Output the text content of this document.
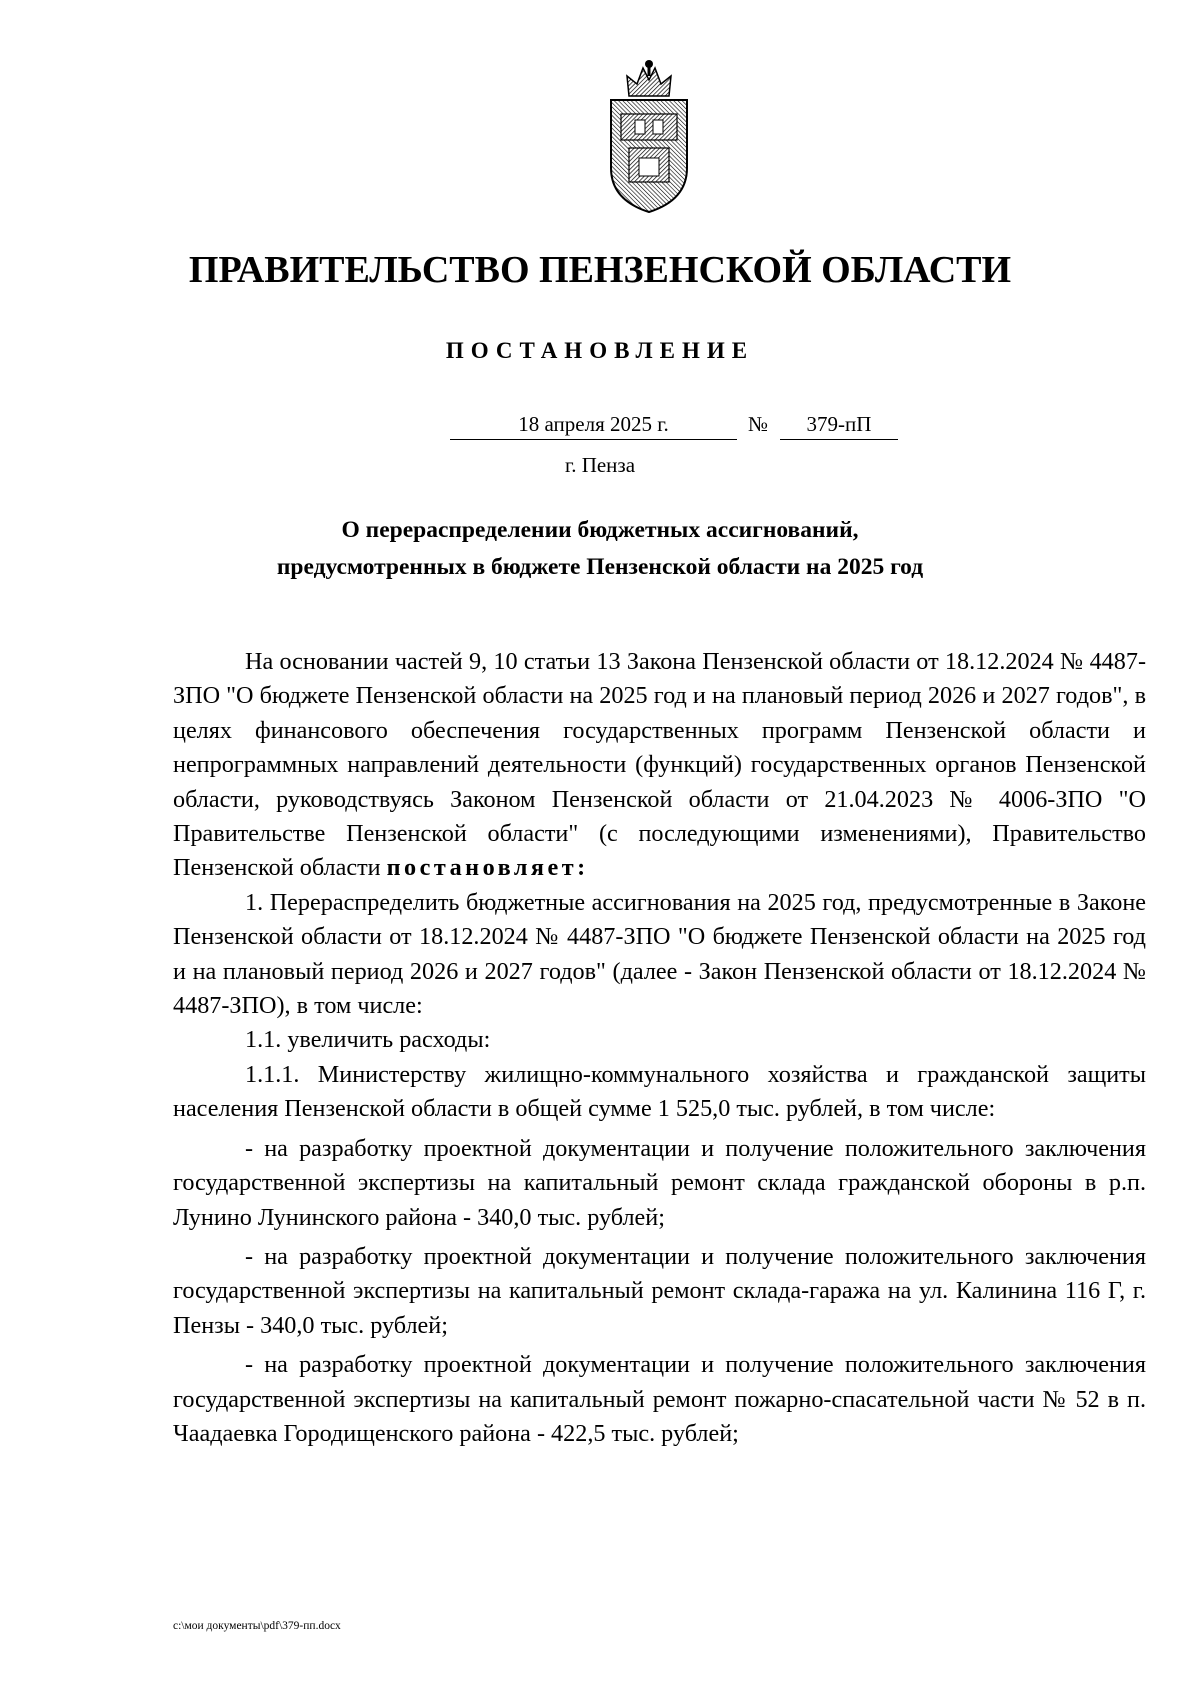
ПРАВИТЕЛЬСТВО ПЕНЗЕНСКОЙ ОБЛАСТИ
ПОСТАНОВЛЕНИЕ
18 апреля 2025 г.	№	379-пП
г. Пенза
О перераспределении бюджетных ассигнований,
предусмотренных в бюджете Пензенской области на 2025 год

На основании частей 9, 10 статьи 13 Закона Пензенской области от 18.12.2024 № 4487-ЗПО "О бюджете Пензенской области на 2025 год и на плановый период 2026 и 2027 годов", в целях финансового обеспечения государственных программ Пензенской области и непрограммных направлений деятельности (функций) государственных органов Пензенской области, руководствуясь Законом Пензенской области от 21.04.2023 № 4006-ЗПО "О Правительстве Пензенской области" (с последующими изменениями), Правительство Пензенской области постановляет:

1. Перераспределить бюджетные ассигнования на 2025 год, предусмотренные в Законе Пензенской области от 18.12.2024 № 4487-ЗПО "О бюджете Пензенской области на 2025 год и на плановый период 2026 и 2027 годов" (далее - Закон Пензенской области от 18.12.2024 № 4487-ЗПО), в том числе:

1.1. увеличить расходы:

1.1.1. Министерству жилищно-коммунального хозяйства и гражданской защиты населения Пензенской области в общей сумме 1 525,0 тыс. рублей, в том числе:

- на разработку проектной документации и получение положительного заключения государственной экспертизы на капитальный ремонт склада гражданской обороны в р.п. Лунино Лунинского района - 340,0 тыс. рублей;

- на разработку проектной документации и получение положительного заключения государственной экспертизы на капитальный ремонт склада-гаража на ул. Калинина 116 Г, г. Пензы - 340,0 тыс. рублей;

- на разработку проектной документации и получение положительного заключения государственной экспертизы на капитальный ремонт пожарно-спасательной части № 52 в п. Чаадаевка Городищенского района - 422,5 тыс. рублей;

c:\мои документы\pdf\379-пп.docx
